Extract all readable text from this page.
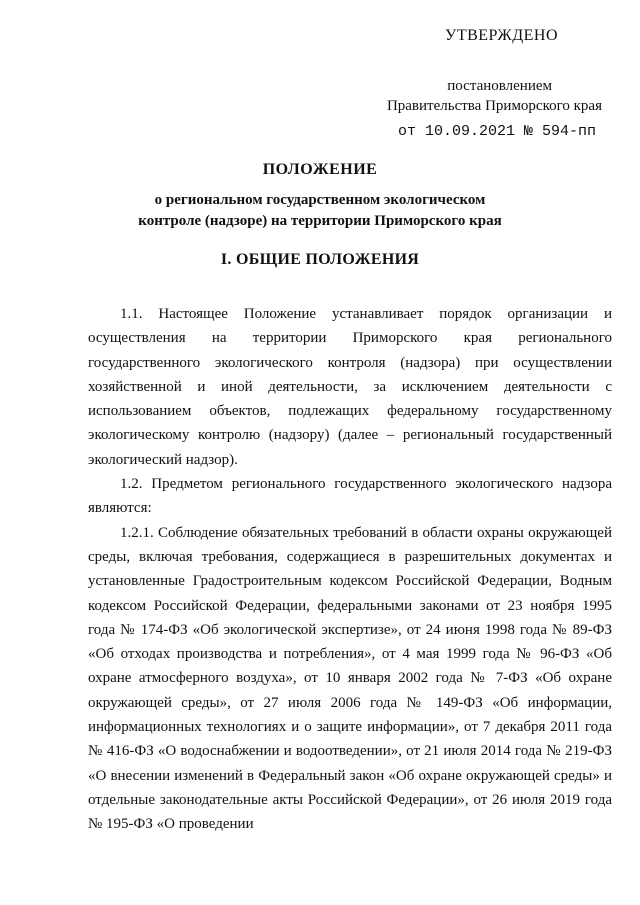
УТВЕРЖДЕНО
постановлением
Правительства Приморского края
от 10.09.2021 № 594-пп
ПОЛОЖЕНИЕ
о региональном государственном экологическом
контроле (надзоре) на территории Приморского края
I. ОБЩИЕ ПОЛОЖЕНИЯ

1.1. Настоящее Положение устанавливает порядок организации и осуществления на территории Приморского края регионального государственного экологического контроля (надзора) при осуществлении хозяйственной и иной деятельности, за исключением деятельности с использованием объектов, подлежащих федеральному государственному экологическому контролю (надзору) (далее – региональный государственный экологический надзор).

1.2. Предметом регионального государственного экологического надзора являются:

1.2.1. Соблюдение обязательных требований в области охраны окружающей среды, включая требования, содержащиеся в разрешительных документах и установленные Градостроительным кодексом Российской Федерации, Водным кодексом Российской Федерации, федеральными законами от 23 ноября 1995 года № 174-ФЗ «Об экологической экспертизе», от 24 июня 1998 года № 89-ФЗ «Об отходах производства и потребления», от 4 мая 1999 года № 96-ФЗ «Об охране атмосферного воздуха», от 10 января 2002 года № 7-ФЗ «Об охране окружающей среды», от 27 июля 2006 года № 149-ФЗ «Об информации, информационных технологиях и о защите информации», от 7 декабря 2011 года № 416-ФЗ «О водоснабжении и водоотведении», от 21 июля 2014 года № 219-ФЗ «О внесении изменений в Федеральный закон «Об охране окружающей среды» и отдельные законодательные акты Российской Федерации», от 26 июля 2019 года № 195-ФЗ «О проведении
